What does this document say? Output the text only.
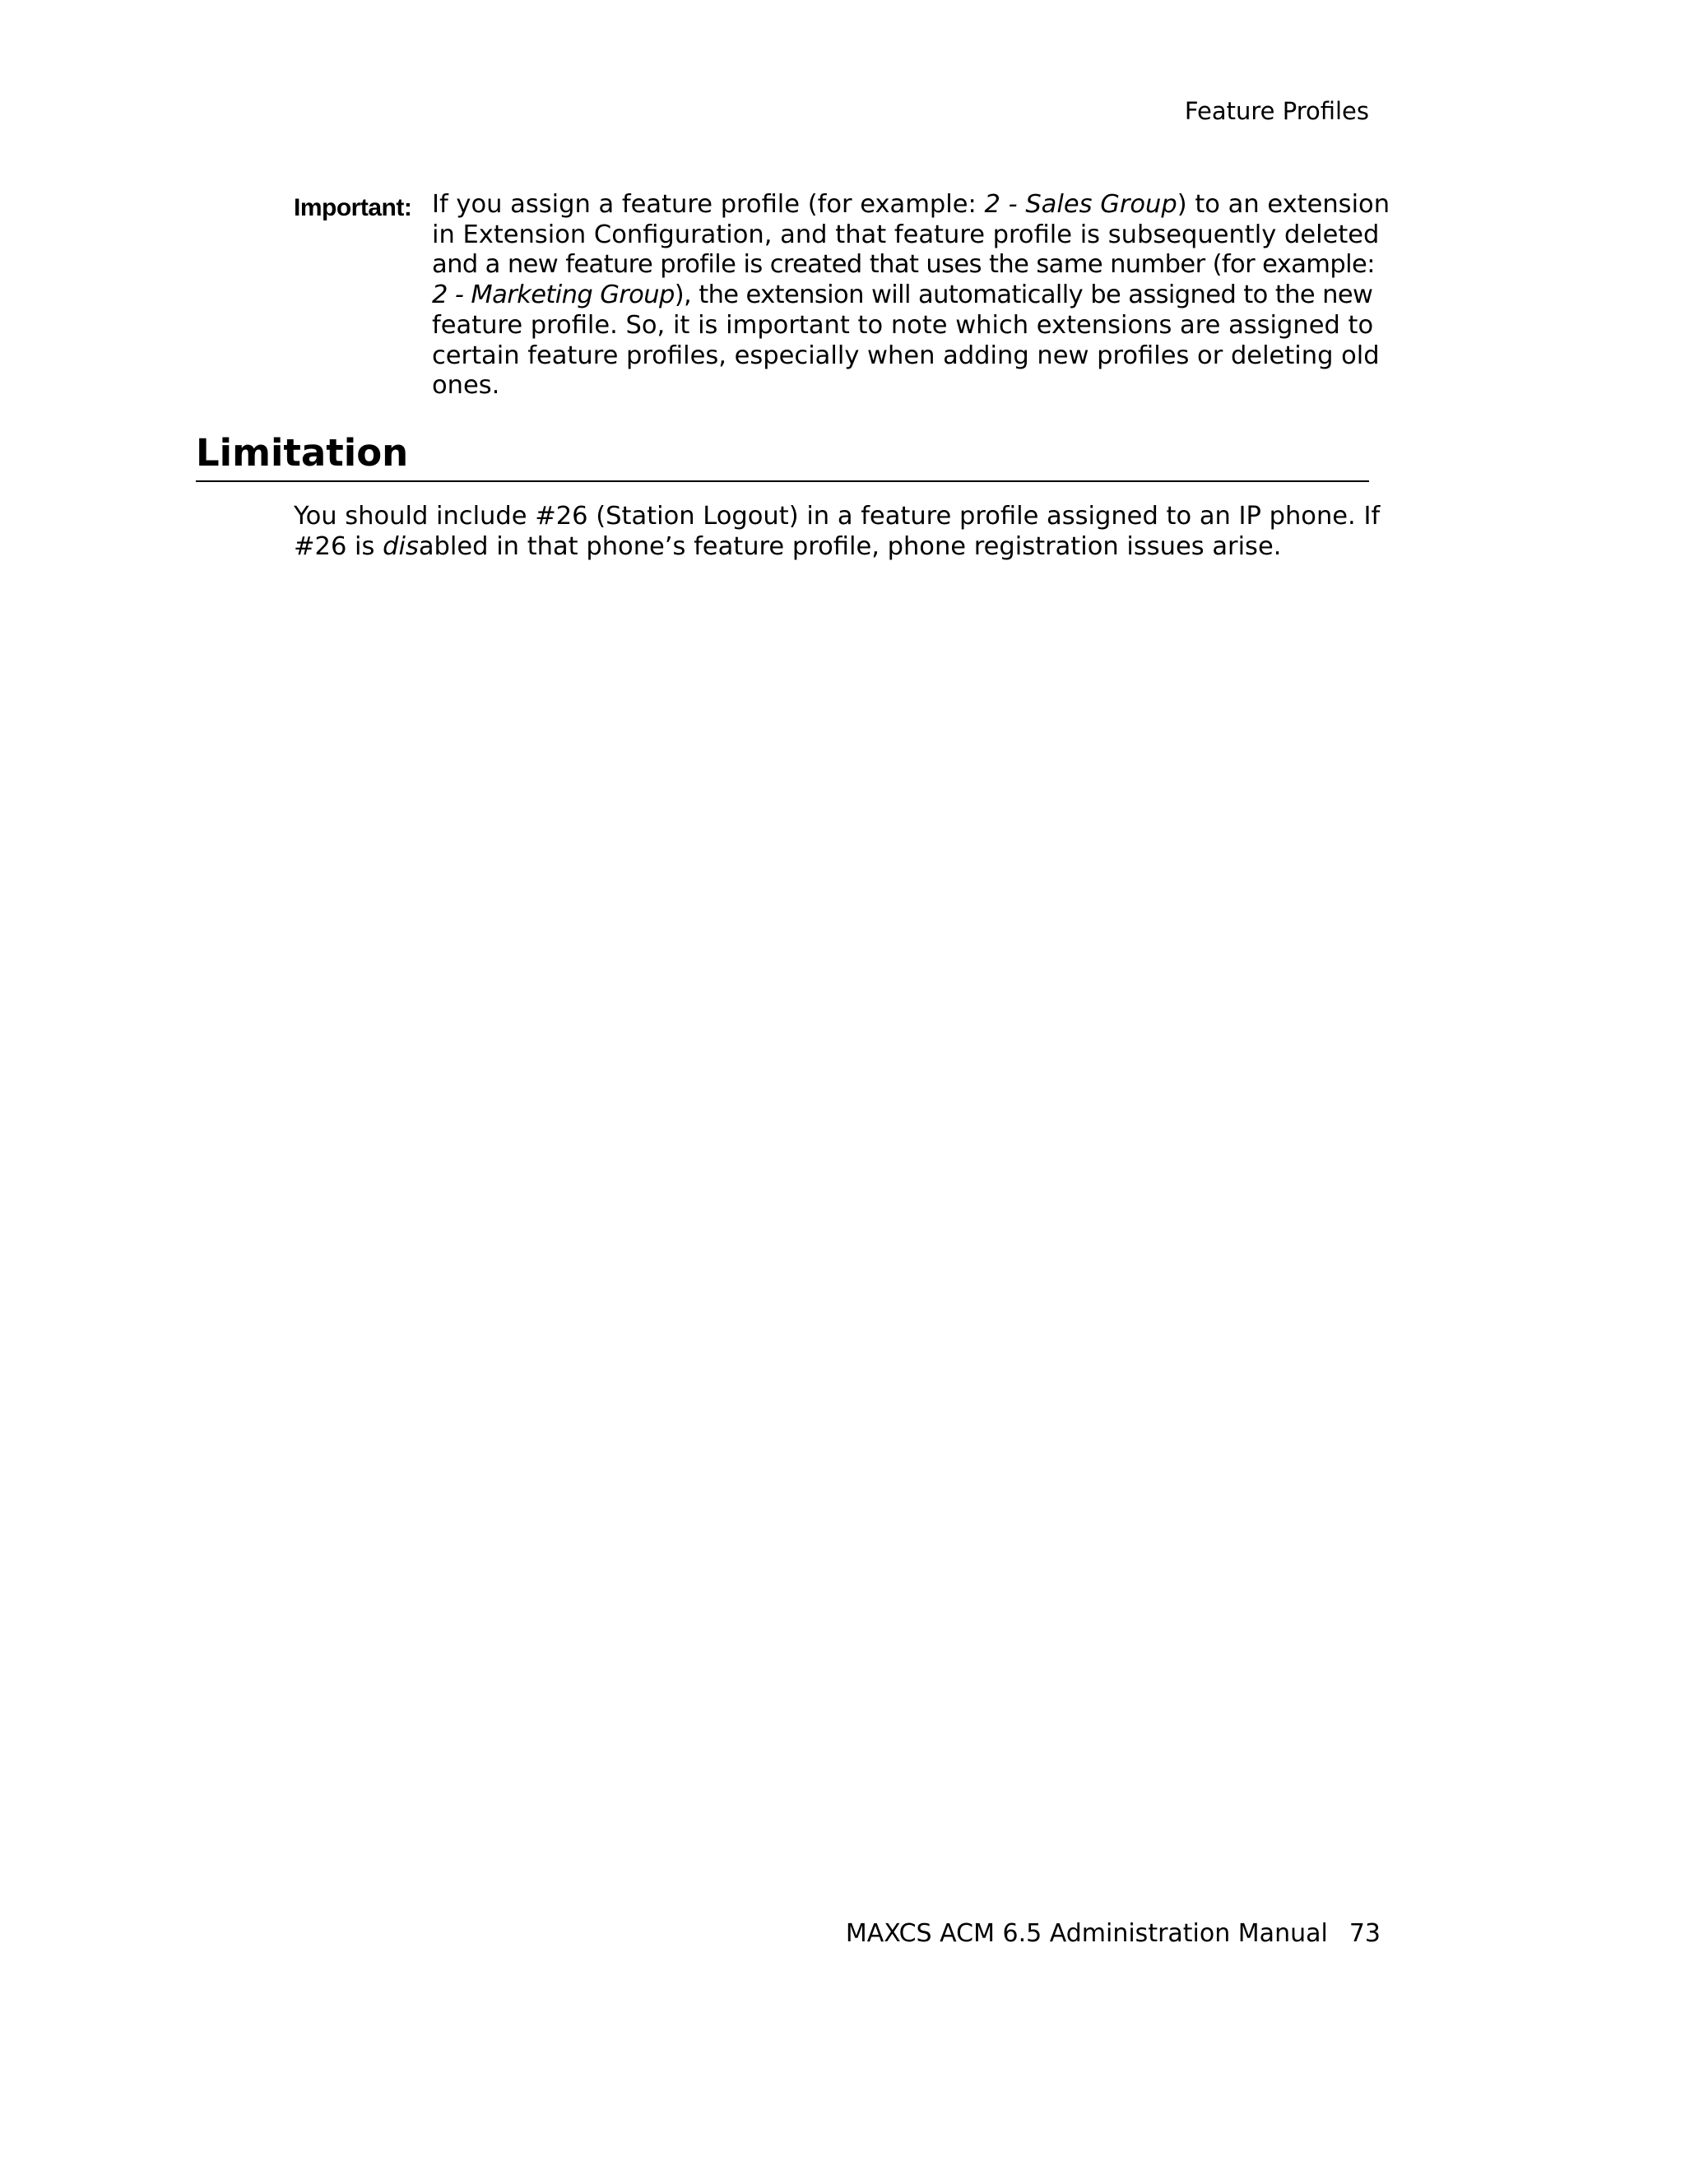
Feature Profiles
Important: If you assign a feature profile (for example: 2 - Sales Group) to an extension
in Extension Configuration, and that feature profile is subsequently deleted
and a new feature profile is created that uses the same number (for example:
2 - Marketing Group), the extension will automatically be assigned to the new
feature profile. So, it is important to note which extensions are assigned to
certain feature profiles, especially when adding new profiles or deleting old
ones.
Limitation
You should include #26 (Station Logout) in a feature profile assigned to an IP phone. If
#26 is disabled in that phone’s feature profile, phone registration issues arise.
MAXCS ACM 6.5 Administration Manual 73
